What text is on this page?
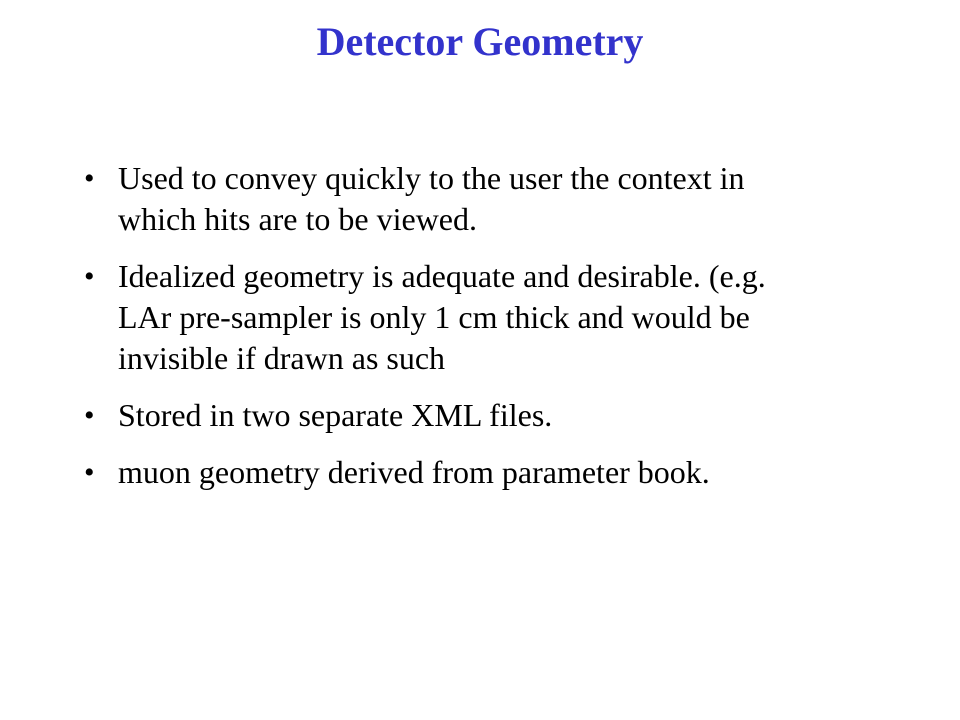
Detector Geometry
• Used to convey quickly to the user the context in
which hits are to be viewed.
• Idealized geometry is adequate and desirable. (e.g.
LAr pre-sampler is only 1 cm thick and would be
invisible if drawn as such
• Stored in two separate XML files.
• muon geometry derived from parameter book.
